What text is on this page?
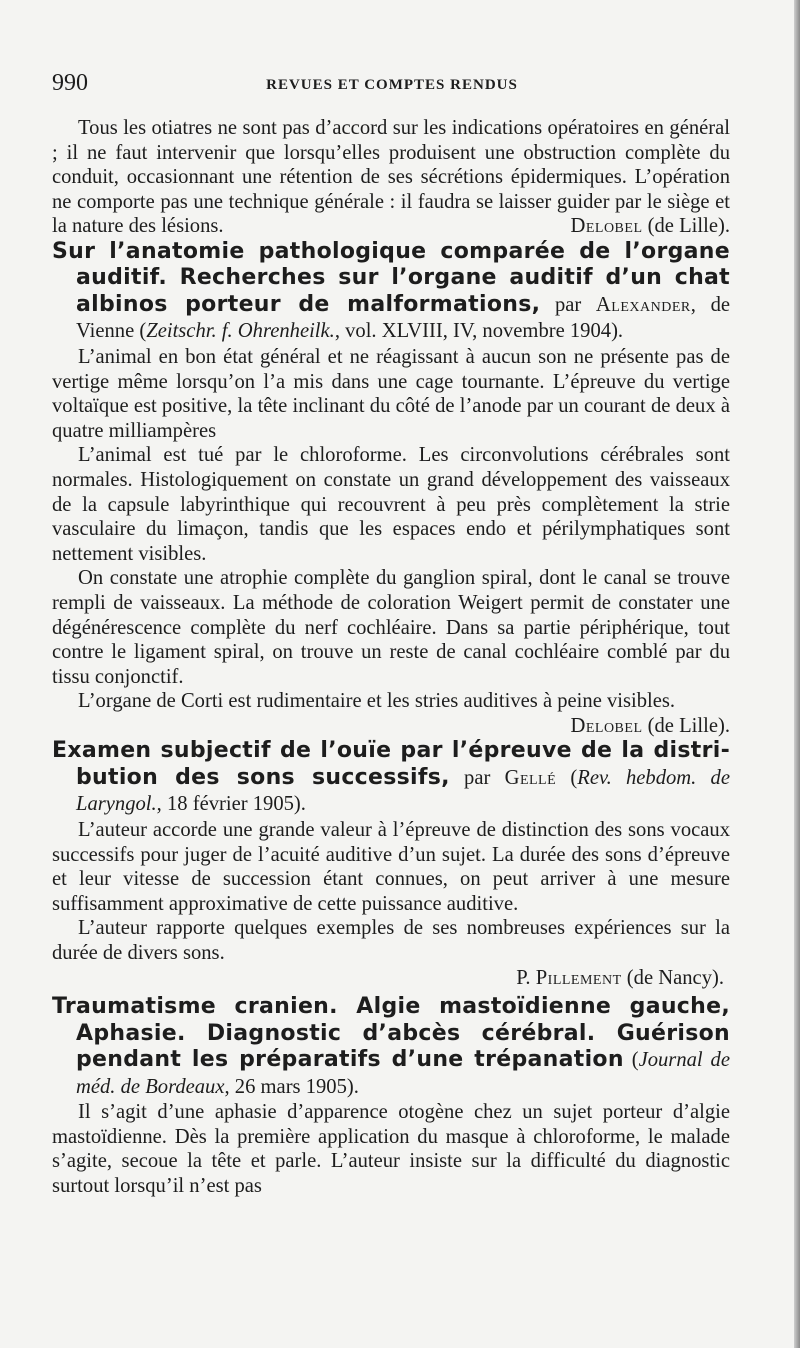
990	REVUES ET COMPTES RENDUS

Tous les otiatres ne sont pas d’accord sur les indications opératoires en général ; il ne faut intervenir que lorsqu’elles produisent une obstruction complète du conduit, occasionnant une rétention de ses sécrétions épidermiques. L’opération ne comporte pas une technique générale : il faudra se laisser guider par le siège et la nature des lésions.	Delobel (de Lille).

Sur l’anatomie pathologique comparée de l’organe auditif. Recherches sur l’organe auditif d’un chat albinos porteur de malformations, par Alexander, de Vienne (Zeitschr. f. Ohrenheilk., vol. XLVIII, IV, novembre 1904).

L’animal en bon état général et ne réagissant à aucun son ne présente pas de vertige même lorsqu’on l’a mis dans une cage tournante. L’épreuve du vertige voltaïque est positive, la tête inclinant du côté de l’anode par un courant de deux à quatre milliampères

L’animal est tué par le chloroforme. Les circonvolutions cérébrales sont normales. Histologiquement on constate un grand développement des vaisseaux de la capsule labyrinthique qui recouvrent à peu près complètement la strie vasculaire du limaçon, tandis que les espaces endo et périlymphatiques sont nettement visibles.

On constate une atrophie complète du ganglion spiral, dont le canal se trouve rempli de vaisseaux. La méthode de coloration Weigert permit de constater une dégénérescence complète du nerf cochléaire. Dans sa partie périphérique, tout contre le ligament spiral, on trouve un reste de canal cochléaire comblé par du tissu conjonctif.

L’organe de Corti est rudimentaire et les stries auditives à peine visibles.
Delobel (de Lille).

Examen subjectif de l’ouïe par l’épreuve de la distri- bution des sons successifs, par Gellé (Rev. hebdom. de Laryngol., 18 février 1905).

L’auteur accorde une grande valeur à l’épreuve de distinction des sons vocaux successifs pour juger de l’acuité auditive d’un sujet. La durée des sons d’épreuve et leur vitesse de succession étant connues, on peut arriver à une mesure suffisamment approximative de cette puissance auditive.

L’auteur rapporte quelques exemples de ses nombreuses expériences sur la durée de divers sons.

P. Pillement (de Nancy).

Traumatisme cranien. Algie mastoïdienne gauche, Aphasie. Diagnostic d’abcès cérébral. Guérison pendant les préparatifs d’une trépanation (Journal de méd. de Bordeaux, 26 mars 1905).

Il s’agit d’une aphasie d’apparence otogène chez un sujet porteur d’algie mastoïdienne. Dès la première application du masque à chloroforme, le malade s’agite, secoue la tête et parle. L’auteur insiste sur la difficulté du diagnostic surtout lorsqu’il n’est pas
